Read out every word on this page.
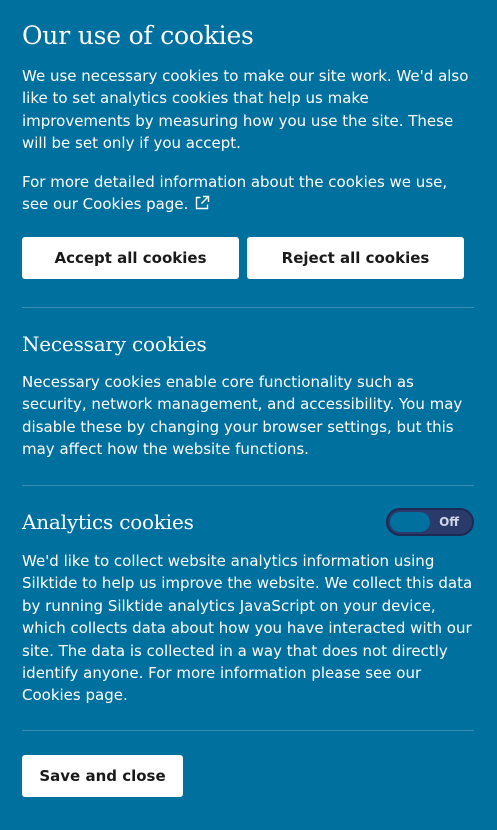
Our use of cookies

We use necessary cookies to make our site work. We'd also like to set analytics cookies that help us make improvements by measuring how you use the site. These will be set only if you accept.

For more detailed information about the cookies we use, see our Cookies page.

Accept all cookies	Reject all cookies
Necessary cookies

Necessary cookies enable core functionality such as security, network management, and accessibility. You may disable these by changing your browser settings, but this may affect how the website functions.

Analytics cookies	Off

We'd like to collect website analytics information using Silktide to help us improve the website. We collect this data by running Silktide analytics JavaScript on your device, which collects data about how you have interacted with our site. The data is collected in a way that does not directly identify anyone. For more information please see our Cookies page.

Save and close
